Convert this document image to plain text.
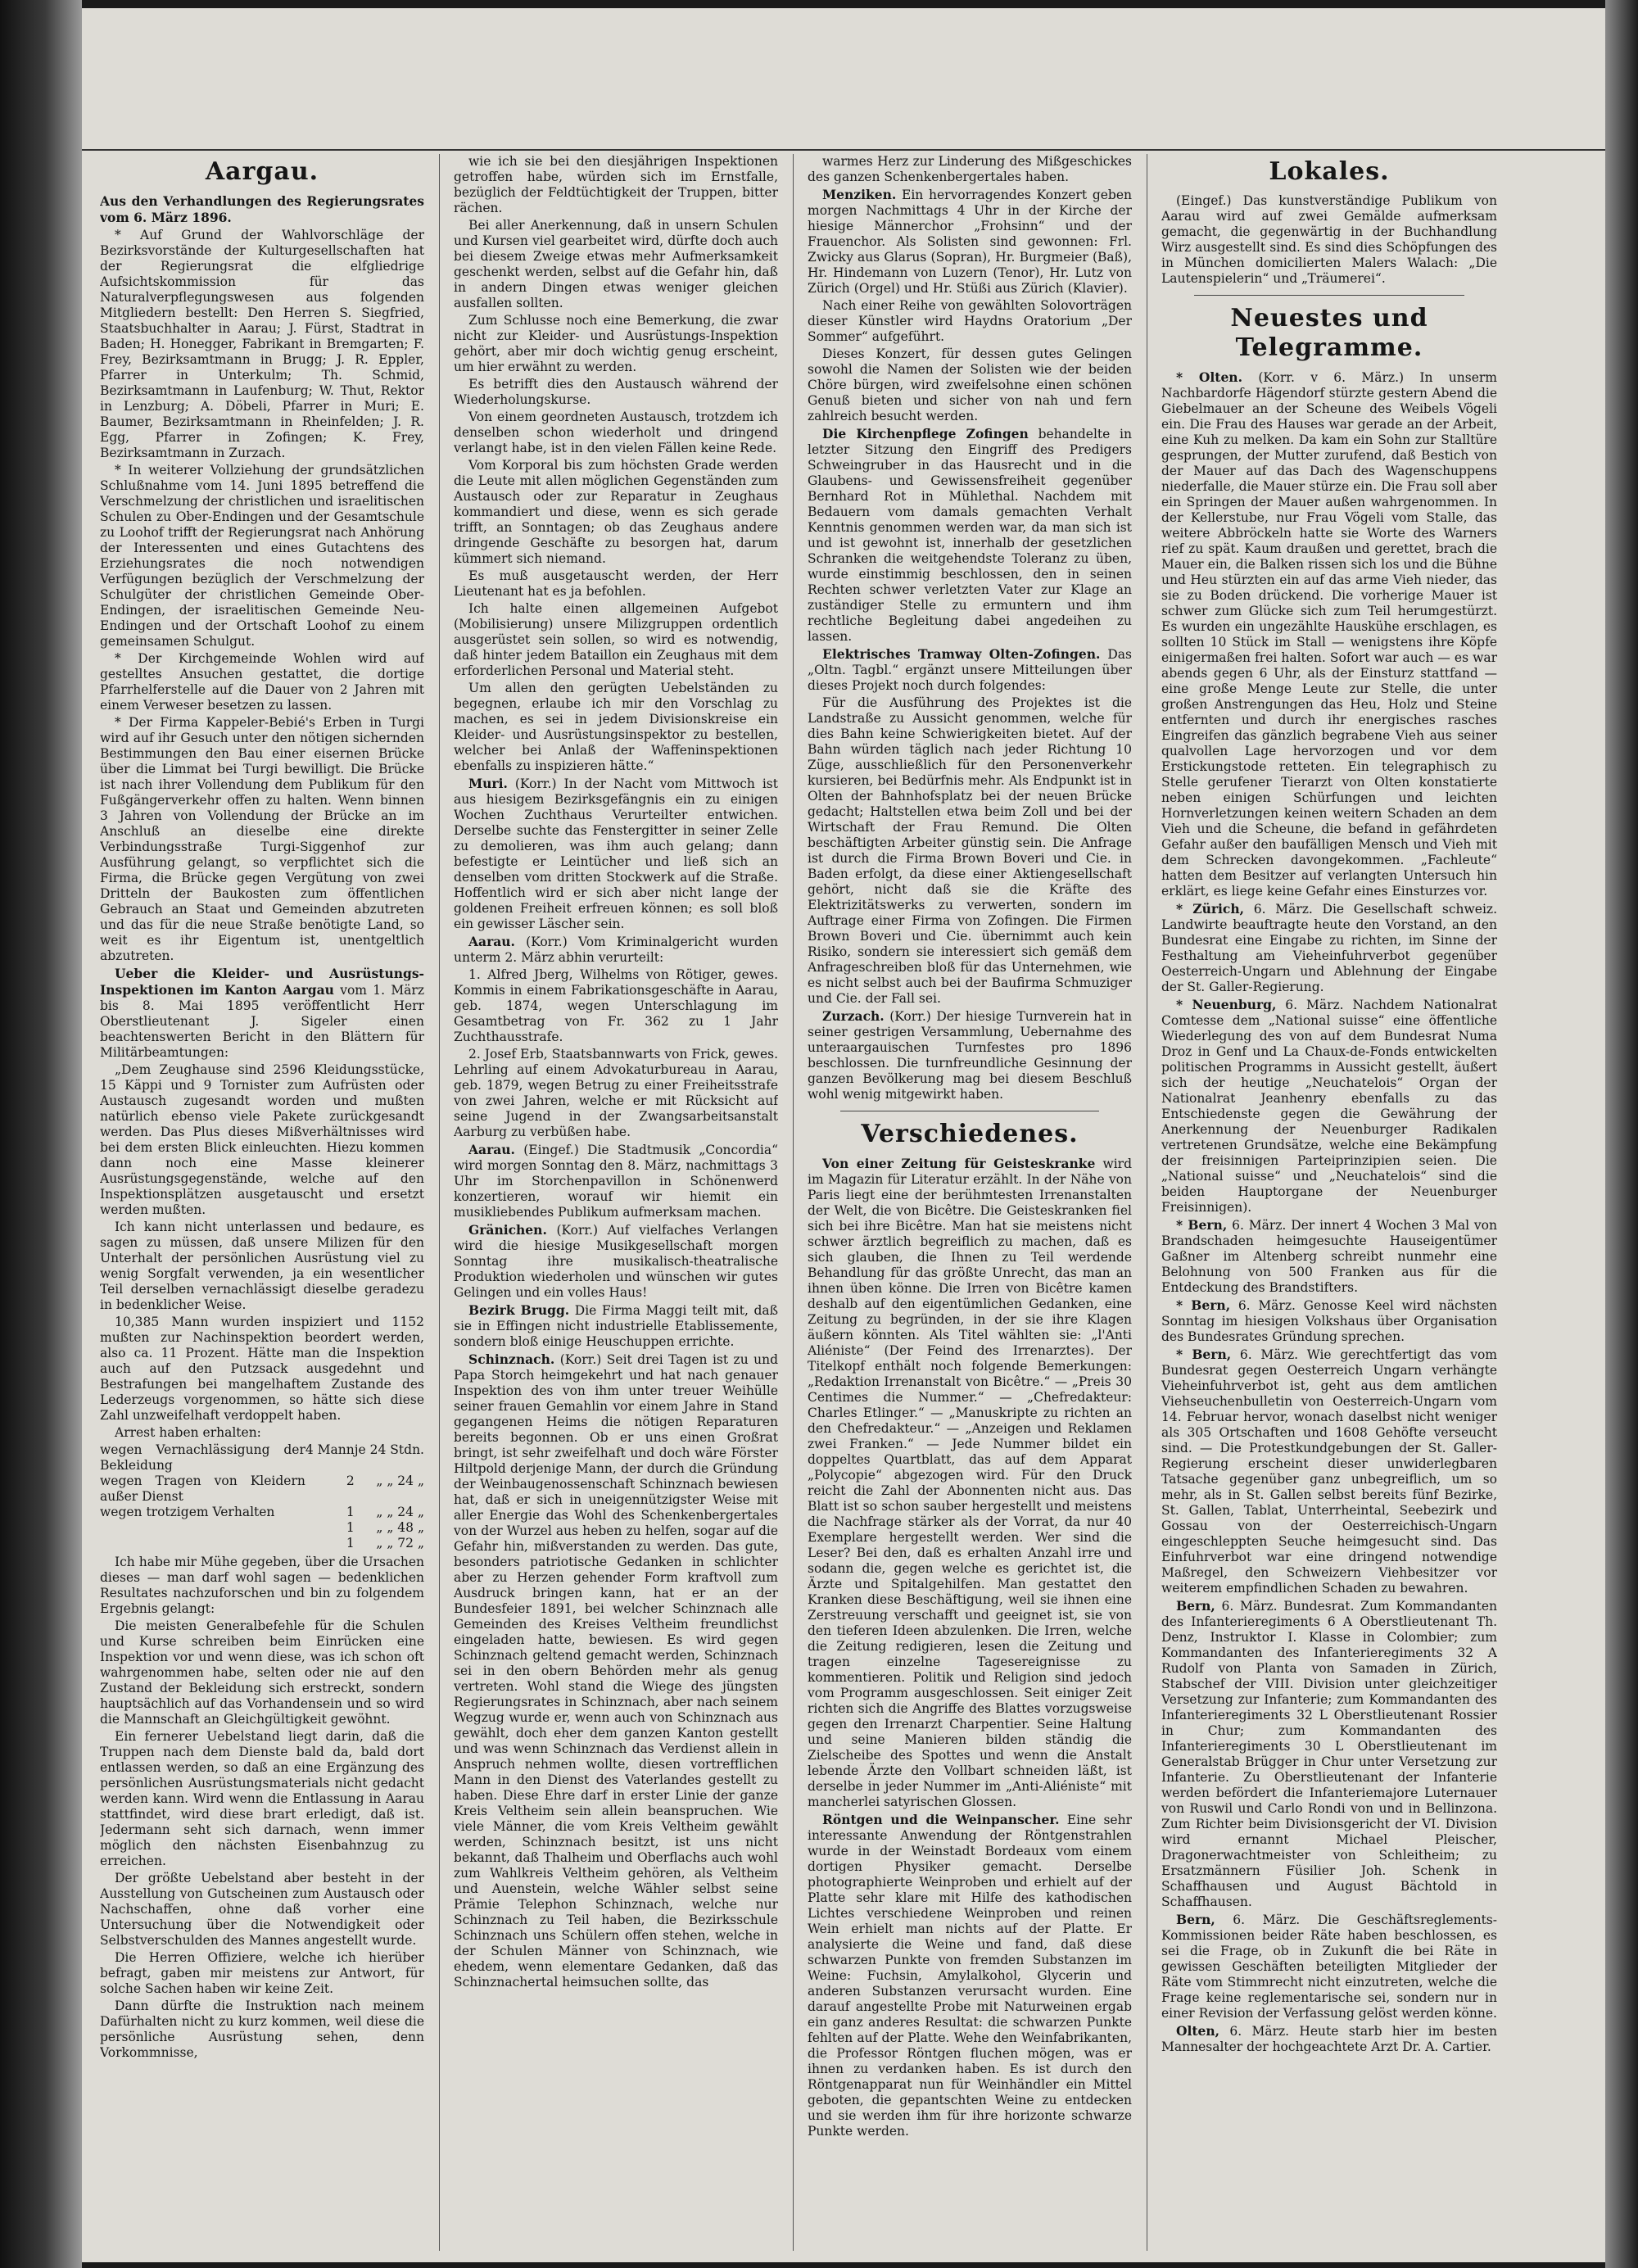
Aargau.

Aus den Verhandlungen des Regierungsrates vom 6. März 1896.

* Auf Grund der Wahlvorschläge der Bezirksvorstände der Kulturgesellschaften hat der Regierungsrat die elfgliedrige Aufsichtskommission für das Naturalverpflegungswesen aus folgenden Mitgliedern bestellt: Den Herren S. Siegfried, Staatsbuchhalter in Aarau; J. Fürst, Stadtrat in Baden; H. Honegger, Fabrikant in Bremgarten; F. Frey, Bezirksamtmann in Brugg; J. R. Eppler, Pfarrer in Unterkulm; Th. Schmid, Bezirksamtmann in Laufenburg; W. Thut, Rektor in Lenzburg; A. Döbeli, Pfarrer in Muri; E. Baumer, Bezirksamtmann in Rheinfelden; J. R. Egg, Pfarrer in Zofingen; K. Frey, Bezirksamtmann in Zurzach.

* In weiterer Vollziehung der grundsätzlichen Schlußnahme vom 14. Juni 1895 betreffend die Verschmelzung der christlichen und israelitischen Schulen zu Ober-Endingen und der Gesamtschule zu Loohof trifft der Regierungsrat nach Anhörung der Interessenten und eines Gutachtens des Erziehungsrates die noch notwendigen Verfügungen bezüglich der Verschmelzung der Schulgüter der christlichen Gemeinde Ober-Endingen, der israelitischen Gemeinde Neu-Endingen und der Ortschaft Loohof zu einem gemeinsamen Schulgut.

* Der Kirchgemeinde Wohlen wird auf gestelltes Ansuchen gestattet, die dortige Pfarrhelferstelle auf die Dauer von 2 Jahren mit einem Verweser besetzen zu lassen.

* Der Firma Kappeler-Bebié's Erben in Turgi wird auf ihr Gesuch unter den nötigen sichernden Bestimmungen den Bau einer eisernen Brücke über die Limmat bei Turgi bewilligt. Die Brücke ist nach ihrer Vollendung dem Publikum für den Fußgängerverkehr offen zu halten. Wenn binnen 3 Jahren von Vollendung der Brücke an im Anschluß an dieselbe eine direkte Verbindungsstraße Turgi-Siggenhof zur Ausführung gelangt, so verpflichtet sich die Firma, die Brücke gegen Vergütung von zwei Dritteln der Baukosten zum öffentlichen Gebrauch an Staat und Gemeinden abzutreten und das für die neue Straße benötigte Land, so weit es ihr Eigentum ist, unentgeltlich abzutreten.

Ueber die Kleider- und Ausrüstungs-Inspektionen im Kanton Aargau vom 1. März bis 8. Mai 1895 veröffentlicht Herr Oberstlieutenant J. Sigeler einen beachtenswerten Bericht in den Blättern für Militärbeamtungen:

„Dem Zeughause sind 2596 Kleidungsstücke, 15 Käppi und 9 Tornister zum Aufrüsten oder Austausch zugesandt worden und mußten natürlich ebenso viele Pakete zurückgesandt werden. Das Plus dieses Mißverhältnisses wird bei dem ersten Blick einleuchten. Hiezu kommen dann noch eine Masse kleinerer Ausrüstungsgegenstände, welche auf den Inspektionsplätzen ausgetauscht und ersetzt werden mußten.

Ich kann nicht unterlassen und bedaure, es sagen zu müssen, daß unsere Milizen für den Unterhalt der persönlichen Ausrüstung viel zu wenig Sorgfalt verwenden, ja ein wesentlicher Teil derselben vernachlässigt dieselbe geradezu in bedenklicher Weise.

10,385 Mann wurden inspiziert und 1152 mußten zur Nachinspektion beordert werden, also ca. 11 Prozent. Hätte man die Inspektion auch auf den Putzsack ausgedehnt und Bestrafungen bei mangelhaftem Zustande des Lederzeugs vorgenommen, so hätte sich diese Zahl unzweifelhaft verdoppelt haben.

Arrest haben erhalten:

wegen Vernachlässigung der Bekleidung	4 Mann	je 24 Stdn.
wegen Tragen von Kleidern außer Dienst	2	„ „ 24 „
wegen trotzigem Verhalten	1	„ „ 24 „
	1	„ „ 48 „
	1	„ „ 72 „

Ich habe mir Mühe gegeben, über die Ursachen dieses — man darf wohl sagen — bedenklichen Resultates nachzuforschen und bin zu folgendem Ergebnis gelangt:

Die meisten Generalbefehle für die Schulen und Kurse schreiben beim Einrücken eine Inspektion vor und wenn diese, was ich schon oft wahrgenommen habe, selten oder nie auf den Zustand der Bekleidung sich erstreckt, sondern hauptsächlich auf das Vorhandensein und so wird die Mannschaft an Gleichgültigkeit gewöhnt.

Ein fernerer Uebelstand liegt darin, daß die Truppen nach dem Dienste bald da, bald dort entlassen werden, so daß an eine Ergänzung des persönlichen Ausrüstungsmaterials nicht gedacht werden kann. Wird wenn die Entlassung in Aarau stattfindet, wird diese brart erledigt, daß ist. Jedermann seht sich darnach, wenn immer möglich den nächsten Eisenbahnzug zu erreichen.

Der größte Uebelstand aber besteht in der Ausstellung von Gutscheinen zum Austausch oder Nachschaffen, ohne daß vorher eine Untersuchung über die Notwendigkeit oder Selbstverschulden des Mannes angestellt wurde.

Die Herren Offiziere, welche ich hierüber befragt, gaben mir meistens zur Antwort, für solche Sachen haben wir keine Zeit.

Dann dürfte die Instruktion nach meinem Dafürhalten nicht zu kurz kommen, weil diese die persönliche Ausrüstung sehen, denn Vorkommnisse,

wie ich sie bei den diesjährigen Inspektionen getroffen habe, würden sich im Ernstfalle, bezüglich der Feldtüchtigkeit der Truppen, bitter rächen.

Bei aller Anerkennung, daß in unsern Schulen und Kursen viel gearbeitet wird, dürfte doch auch bei diesem Zweige etwas mehr Aufmerksamkeit geschenkt werden, selbst auf die Gefahr hin, daß in andern Dingen etwas weniger gleichen ausfallen sollten.

Zum Schlusse noch eine Bemerkung, die zwar nicht zur Kleider- und Ausrüstungs-Inspektion gehört, aber mir doch wichtig genug erscheint, um hier erwähnt zu werden.

Es betrifft dies den Austausch während der Wiederholungskurse.

Von einem geordneten Austausch, trotzdem ich denselben schon wiederholt und dringend verlangt habe, ist in den vielen Fällen keine Rede.

Vom Korporal bis zum höchsten Grade werden die Leute mit allen möglichen Gegenständen zum Austausch oder zur Reparatur in Zeughaus kommandiert und diese, wenn es sich gerade trifft, an Sonntagen; ob das Zeughaus andere dringende Geschäfte zu besorgen hat, darum kümmert sich niemand.

Es muß ausgetauscht werden, der Herr Lieutenant hat es ja befohlen.

Ich halte einen allgemeinen Aufgebot (Mobilisierung) unsere Milizgruppen ordentlich ausgerüstet sein sollen, so wird es notwendig, daß hinter jedem Bataillon ein Zeughaus mit dem erforderlichen Personal und Material steht.

Um allen den gerügten Uebelständen zu begegnen, erlaube ich mir den Vorschlag zu machen, es sei in jedem Divisionskreise ein Kleider- und Ausrüstungsinspektor zu bestellen, welcher bei Anlaß der Waffeninspektionen ebenfalls zu inspizieren hätte.“

Muri. (Korr.) In der Nacht vom Mittwoch ist aus hiesigem Bezirksgefängnis ein zu einigen Wochen Zuchthaus Verurteilter entwichen. Derselbe suchte das Fenstergitter in seiner Zelle zu demolieren, was ihm auch gelang; dann befestigte er Leintücher und ließ sich an denselben vom dritten Stockwerk auf die Straße. Hoffentlich wird er sich aber nicht lange der goldenen Freiheit erfreuen können; es soll bloß ein gewisser Läscher sein.

Aarau. (Korr.) Vom Kriminalgericht wurden unterm 2. März abhin verurteilt:

1. Alfred Jberg, Wilhelms von Rötiger, gewes. Kommis in einem Fabrikationsgeschäfte in Aarau, geb. 1874, wegen Unterschlagung im Gesamtbetrag von Fr. 362 zu 1 Jahr Zuchthausstrafe.

2. Josef Erb, Staatsbannwarts von Frick, gewes. Lehrling auf einem Advokaturbureau in Aarau, geb. 1879, wegen Betrug zu einer Freiheitsstrafe von zwei Jahren, welche er mit Rücksicht auf seine Jugend in der Zwangsarbeitsanstalt Aarburg zu verbüßen habe.

Aarau. (Eingef.) Die Stadtmusik „Concordia“ wird morgen Sonntag den 8. März, nachmittags 3 Uhr im Storchenpavillon in Schönenwerd konzertieren, worauf wir hiemit ein musikliebendes Publikum aufmerksam machen.

Gränichen. (Korr.) Auf vielfaches Verlangen wird die hiesige Musikgesellschaft morgen Sonntag ihre musikalisch-theatralische Produktion wiederholen und wünschen wir gutes Gelingen und ein volles Haus!

Bezirk Brugg. Die Firma Maggi teilt mit, daß sie in Effingen nicht industrielle Etablissemente, sondern bloß einige Heuschuppen errichte.

Schinznach. (Korr.) Seit drei Tagen ist zu und Papa Storch heimgekehrt und hat nach genauer Inspektion des von ihm unter treuer Weihülle seiner frauen Gemahlin vor einem Jahre in Stand gegangenen Heims die nötigen Reparaturen bereits begonnen. Ob er uns einen Großrat bringt, ist sehr zweifelhaft und doch wäre Förster Hiltpold derjenige Mann, der durch die Gründung der Weinbaugenossenschaft Schinznach bewiesen hat, daß er sich in uneigennützigster Weise mit aller Energie das Wohl des Schenkenbergertales von der Wurzel aus heben zu helfen, sogar auf die Gefahr hin, mißverstanden zu werden. Das gute, besonders patriotische Gedanken in schlichter aber zu Herzen gehender Form kraftvoll zum Ausdruck bringen kann, hat er an der Bundesfeier 1891, bei welcher Schinznach alle Gemeinden des Kreises Veltheim freundlichst eingeladen hatte, bewiesen. Es wird gegen Schinznach geltend gemacht werden, Schinznach sei in den obern Behörden mehr als genug vertreten. Wohl stand die Wiege des jüngsten Regierungsrates in Schinznach, aber nach seinem Wegzug wurde er, wenn auch von Schinznach aus gewählt, doch eher dem ganzen Kanton gestellt und was wenn Schinznach das Verdienst allein in Anspruch nehmen wollte, diesen vortrefflichen Mann in den Dienst des Vaterlandes gestellt zu haben. Diese Ehre darf in erster Linie der ganze Kreis Veltheim sein allein beanspruchen. Wie viele Männer, die vom Kreis Veltheim gewählt werden, Schinznach besitzt, ist uns nicht bekannt, daß Thalheim und Oberflachs auch wohl zum Wahlkreis Veltheim gehören, als Veltheim und Auenstein, welche Wähler selbst seine Prämie Telephon Schinznach, welche nur Schinznach zu Teil haben, die Bezirksschule Schinznach uns Schülern offen stehen, welche in der Schulen Männer von Schinznach, wie ehedem, wenn elementare Gedanken, daß das Schinznachertal heimsuchen sollte, das

warmes Herz zur Linderung des Mißgeschickes des ganzen Schenkenbergertales haben.

Menziken. Ein hervorragendes Konzert geben morgen Nachmittags 4 Uhr in der Kirche der hiesige Männerchor „Frohsinn“ und der Frauenchor. Als Solisten sind gewonnen: Frl. Zwicky aus Glarus (Sopran), Hr. Burgmeier (Baß), Hr. Hindemann von Luzern (Tenor), Hr. Lutz von Zürich (Orgel) und Hr. Stüßi aus Zürich (Klavier).

Nach einer Reihe von gewählten Solovorträgen dieser Künstler wird Haydns Oratorium „Der Sommer“ aufgeführt.

Dieses Konzert, für dessen gutes Gelingen sowohl die Namen der Solisten wie der beiden Chöre bürgen, wird zweifelsohne einen schönen Genuß bieten und sicher von nah und fern zahlreich besucht werden.

Die Kirchenpflege Zofingen behandelte in letzter Sitzung den Eingriff des Predigers Schweingruber in das Hausrecht und in die Glaubens- und Gewissensfreiheit gegenüber Bernhard Rot in Mühlethal. Nachdem mit Bedauern vom damals gemachten Verhalt Kenntnis genommen werden war, da man sich ist und ist gewohnt ist, innerhalb der gesetzlichen Schranken die weitgehendste Toleranz zu üben, wurde einstimmig beschlossen, den in seinen Rechten schwer verletzten Vater zur Klage an zuständiger Stelle zu ermuntern und ihm rechtliche Begleitung dabei angedeihen zu lassen.

Elektrisches Tramway Olten-Zofingen. Das „Oltn. Tagbl.“ ergänzt unsere Mitteilungen über dieses Projekt noch durch folgendes:

Für die Ausführung des Projektes ist die Landstraße zu Aussicht genommen, welche für dies Bahn keine Schwierigkeiten bietet. Auf der Bahn würden täglich nach jeder Richtung 10 Züge, ausschließlich für den Personenverkehr kursieren, bei Bedürfnis mehr. Als Endpunkt ist in Olten der Bahnhofsplatz bei der neuen Brücke gedacht; Haltstellen etwa beim Zoll und bei der Wirtschaft der Frau Remund. Die Olten beschäftigten Arbeiter günstig sein. Die Anfrage ist durch die Firma Brown Boveri und Cie. in Baden erfolgt, da diese einer Aktiengesellschaft gehört, nicht daß sie die Kräfte des Elektrizitätswerks zu verwerten, sondern im Auftrage einer Firma von Zofingen. Die Firmen Brown Boveri und Cie. übernimmt auch kein Risiko, sondern sie interessiert sich gemäß dem Anfrageschreiben bloß für das Unternehmen, wie es nicht selbst auch bei der Baufirma Schmuziger und Cie. der Fall sei.

Zurzach. (Korr.) Der hiesige Turnverein hat in seiner gestrigen Versammlung, Uebernahme des unteraargauischen Turnfestes pro 1896 beschlossen. Die turnfreundliche Gesinnung der ganzen Bevölkerung mag bei diesem Beschluß wohl wenig mitgewirkt haben.

Verschiedenes.

Von einer Zeitung für Geisteskranke wird im Magazin für Literatur erzählt. In der Nähe von Paris liegt eine der berühmtesten Irrenanstalten der Welt, die von Bicêtre. Die Geisteskranken fiel sich bei ihre Bicêtre. Man hat sie meistens nicht schwer ärztlich begreiflich zu machen, daß es sich glauben, die Ihnen zu Teil werdende Behandlung für das größte Unrecht, das man an ihnen üben könne. Die Irren von Bicêtre kamen deshalb auf den eigentümlichen Gedanken, eine Zeitung zu begründen, in der sie ihre Klagen äußern könnten. Als Titel wählten sie: „l'Anti Aliéniste“ (Der Feind des Irrenarztes). Der Titelkopf enthält noch folgende Bemerkungen: „Redaktion Irrenanstalt von Bicêtre.“ — „Preis 30 Centimes die Nummer.“ — „Chefredakteur: Charles Etlinger.“ — „Manuskripte zu richten an den Chefredakteur.“ — „Anzeigen und Reklamen zwei Franken.“ — Jede Nummer bildet ein doppeltes Quartblatt, das auf dem Apparat „Polycopie“ abgezogen wird. Für den Druck reicht die Zahl der Abonnenten nicht aus. Das Blatt ist so schon sauber hergestellt und meistens die Nachfrage stärker als der Vorrat, da nur 40 Exemplare hergestellt werden. Wer sind die Leser? Bei den, daß es erhalten Anzahl irre und sodann die, gegen welche es gerichtet ist, die Ärzte und Spitalgehilfen. Man gestattet den Kranken diese Beschäftigung, weil sie ihnen eine Zerstreuung verschafft und geeignet ist, sie von den tieferen Ideen abzulenken. Die Irren, welche die Zeitung redigieren, lesen die Zeitung und tragen einzelne Tagesereignisse zu kommentieren. Politik und Religion sind jedoch vom Programm ausgeschlossen. Seit einiger Zeit richten sich die Angriffe des Blattes vorzugsweise gegen den Irrenarzt Charpentier. Seine Haltung und seine Manieren bilden ständig die Zielscheibe des Spottes und wenn die Anstalt lebende Ärzte den Vollbart schneiden läßt, ist derselbe in jeder Nummer im „Anti-Aliéniste“ mit mancherlei satyrischen Glossen.

Röntgen und die Weinpanscher. Eine sehr interessante Anwendung der Röntgenstrahlen wurde in der Weinstadt Bordeaux vom einem dortigen Physiker gemacht. Derselbe photographierte Weinproben und erhielt auf der Platte sehr klare mit Hilfe des kathodischen Lichtes verschiedene Weinproben und reinen Wein erhielt man nichts auf der Platte. Er analysierte die Weine und fand, daß diese schwarzen Punkte von fremden Substanzen im Weine: Fuchsin, Amylalkohol, Glycerin und anderen Substanzen verursacht wurden. Eine darauf angestellte Probe mit Naturweinen ergab ein ganz anderes Resultat: die schwarzen Punkte fehlten auf der Platte. Wehe den Weinfabrikanten, die Professor Röntgen fluchen mögen, was er ihnen zu verdanken haben. Es ist durch den Röntgenapparat nun für Weinhändler ein Mittel geboten, die gepantschten Weine zu entdecken und sie werden ihm für ihre horizonte schwarze Punkte werden.

Lokales.

(Eingef.) Das kunstverständige Publikum von Aarau wird auf zwei Gemälde aufmerksam gemacht, die gegenwärtig in der Buchhandlung Wirz ausgestellt sind. Es sind dies Schöpfungen des in München domicilierten Malers Walach: „Die Lautenspielerin“ und „Träumerei“.

Neuestes und Telegramme.

* Olten. (Korr. v 6. März.) In unserm Nachbardorfe Hägendorf stürzte gestern Abend die Giebelmauer an der Scheune des Weibels Vögeli ein. Die Frau des Hauses war gerade an der Arbeit, eine Kuh zu melken. Da kam ein Sohn zur Stalltüre gesprungen, der Mutter zurufend, daß Bestich von der Mauer auf das Dach des Wagenschuppens niederfalle, die Mauer stürze ein. Die Frau soll aber ein Springen der Mauer außen wahrgenommen. In der Kellerstube, nur Frau Vögeli vom Stalle, das weitere Abbröckeln hatte sie Worte des Warners rief zu spät. Kaum draußen und gerettet, brach die Mauer ein, die Balken rissen sich los und die Bühne und Heu stürzten ein auf das arme Vieh nieder, das sie zu Boden drückend. Die vorherige Mauer ist schwer zum Glücke sich zum Teil herumgestürzt. Es wurden ein ungezählte Hauskühe erschlagen, es sollten 10 Stück im Stall — wenigstens ihre Köpfe einigermaßen frei halten. Sofort war auch — es war abends gegen 6 Uhr, als der Einsturz stattfand — eine große Menge Leute zur Stelle, die unter großen Anstrengungen das Heu, Holz und Steine entfernten und durch ihr energisches rasches Eingreifen das gänzlich begrabene Vieh aus seiner qualvollen Lage hervorzogen und vor dem Erstickungstode retteten. Ein telegraphisch zu Stelle gerufener Tierarzt von Olten konstatierte neben einigen Schürfungen und leichten Hornverletzungen keinen weitern Schaden an dem Vieh und die Scheune, die befand in gefährdeten Gefahr außer den baufälligen Mensch und Vieh mit dem Schrecken davongekommen. „Fachleute“ hatten dem Besitzer auf verlangten Untersuch hin erklärt, es liege keine Gefahr eines Einsturzes vor.

* Zürich, 6. März. Die Gesellschaft schweiz. Landwirte beauftragte heute den Vorstand, an den Bundesrat eine Eingabe zu richten, im Sinne der Festhaltung am Vieheinfuhrverbot gegenüber Oesterreich-Ungarn und Ablehnung der Eingabe der St. Galler-Regierung.

* Neuenburg, 6. März. Nachdem Nationalrat Comtesse dem „National suisse“ eine öffentliche Wiederlegung des von auf dem Bundesrat Numa Droz in Genf und La Chaux-de-Fonds entwickelten politischen Programms in Aussicht gestellt, äußert sich der heutige „Neuchatelois“ Organ der Nationalrat Jeanhenry ebenfalls zu das Entschiedenste gegen die Gewährung der Anerkennung der Neuenburger Radikalen vertretenen Grundsätze, welche eine Bekämpfung der freisinnigen Parteiprinzipien seien. Die „National suisse“ und „Neuchatelois“ sind die beiden Hauptorgane der Neuenburger Freisinnigen).

* Bern, 6. März. Der innert 4 Wochen 3 Mal von Brandschaden heimgesuchte Hauseigentümer Gaßner im Altenberg schreibt nunmehr eine Belohnung von 500 Franken aus für die Entdeckung des Brandstifters.

* Bern, 6. März. Genosse Keel wird nächsten Sonntag im hiesigen Volkshaus über Organisation des Bundesrates Gründung sprechen.

* Bern, 6. März. Wie gerechtfertigt das vom Bundesrat gegen Oesterreich Ungarn verhängte Vieheinfuhrverbot ist, geht aus dem amtlichen Viehseuchenbulletin von Oesterreich-Ungarn vom 14. Februar hervor, wonach daselbst nicht weniger als 305 Ortschaften und 1608 Gehöfte verseucht sind. — Die Protestkundgebungen der St. Galler-Regierung erscheint dieser unwiderlegbaren Tatsache gegenüber ganz unbegreiflich, um so mehr, als in St. Gallen selbst bereits fünf Bezirke, St. Gallen, Tablat, Unterrheintal, Seebezirk und Gossau von der Oesterreichisch-Ungarn eingeschleppten Seuche heimgesucht sind. Das Einfuhrverbot war eine dringend notwendige Maßregel, den Schweizern Viehbesitzer vor weiterem empfindlichen Schaden zu bewahren.

Bern, 6. März. Bundesrat. Zum Kommandanten des Infanterieregiments 6 A Oberstlieutenant Th. Denz, Instruktor I. Klasse in Colombier; zum Kommandanten des Infanterieregiments 32 A Rudolf von Planta von Samaden in Zürich, Stabschef der VIII. Division unter gleichzeitiger Versetzung zur Infanterie; zum Kommandanten des Infanterieregiments 32 L Oberstlieutenant Rossier in Chur; zum Kommandanten des Infanterieregiments 30 L Oberstlieutenant im Generalstab Brügger in Chur unter Versetzung zur Infanterie. Zu Oberstlieutenant der Infanterie werden befördert die Infanteriemajore Luternauer von Ruswil und Carlo Rondi von und in Bellinzona. Zum Richter beim Divisionsgericht der VI. Division wird ernannt Michael Pleischer, Dragonerwachtmeister von Schleitheim; zu Ersatzmännern Füsilier Joh. Schenk in Schaffhausen und August Bächtold in Schaffhausen.

Bern, 6. März. Die Geschäftsreglements-Kommissionen beider Räte haben beschlossen, es sei die Frage, ob in Zukunft die bei Räte in gewissen Geschäften beteiligten Mitglieder der Räte vom Stimmrecht nicht einzutreten, welche die Frage keine reglementarische sei, sondern nur in einer Revision der Verfassung gelöst werden könne.

Olten, 6. März. Heute starb hier im besten Mannesalter der hochgeachtete Arzt Dr. A. Cartier.
